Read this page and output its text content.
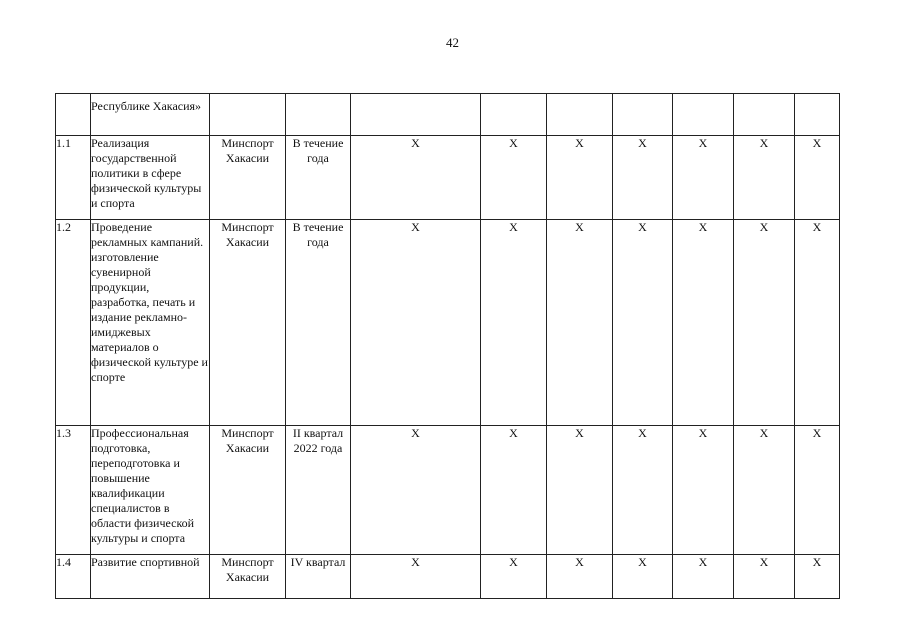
42
	Республике Хакасия»									
1.1	Реализация государственной политики в сфере физической культуры и спорта	Минспорт Хакасии	В течение года	X	X	X	X	X	X	X
1.2	Проведение рекламных кампаний. изготовление сувенирной продукции, разработка, печать и издание рекламно-имиджевых материалов о физической культуре и спорте	Минспорт Хакасии	В течение года	X	X	X	X	X	X	X
1.3	Профессиональная подготовка, переподготовка и повышение квалификации специалистов в области физической культуры и спорта	Минспорт Хакасии	II квартал 2022 года	X	X	X	X	X	X	X
1.4	Развитие спортивной	Минспорт Хакасии	IV квартал	X	X	X	X	X	X	X
